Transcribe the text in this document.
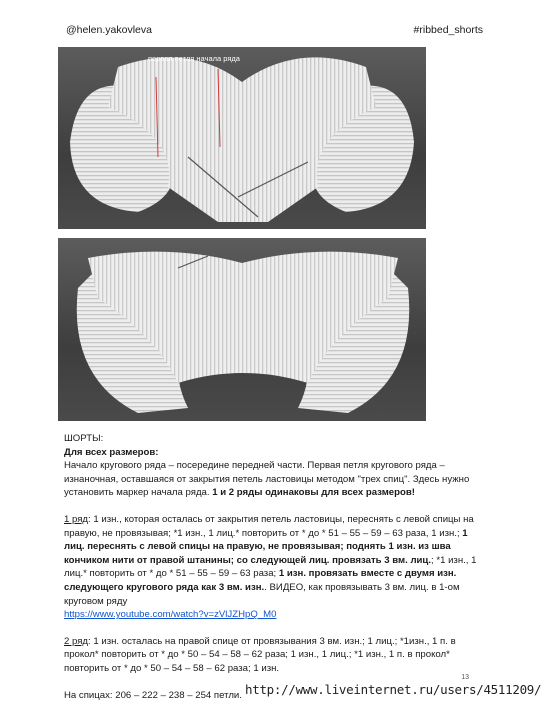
@helen.yakovleva	#ribbed_shorts
первая петля начала ряда

ШОРТЫ:

Для всех размеров:

Начало кругового ряда – посередине передней части. Первая петля кругового ряда – изнаночная, оставшаяся от закрытия петель ластовицы методом "трех спиц". Здесь нужно установить маркер начала ряда. 1 и 2 ряды одинаковы для всех размеров!

1 ряд: 1 изн., которая осталась от закрытия петель ластовицы, переснять с левой спицы на правую, не провязывая; *1 изн., 1 лиц.* повторить от * до * 51 – 55 – 59 – 63 раза, 1 изн.; 1 лиц. переснять с левой спицы на правую, не провязывая; поднять 1 изн. из шва кончиком нити от правой штанины; со следующей лиц. провязать 3 вм. лиц.; *1 изн., 1 лиц.* повторить от * до * 51 – 55 – 59 – 63 раза; 1 изн. провязать вместе с двумя изн. следующего кругового ряда как 3 вм. изн.. ВИДЕО, как провязывать 3 вм. лиц. в 1-ом круговом ряду
https://www.youtube.com/watch?v=zVlJZHpQ_M0

2 ряд: 1 изн. осталась на правой спице от провязывания 3 вм. изн.; 1 лиц.; *1изн., 1 п. в прокол* повторить от * до * 50 – 54 – 58 – 62 раза; 1 изн., 1 лиц.; *1 изн., 1 п. в прокол* повторить от * до * 50 – 54 – 58 – 62 раза; 1 изн.

На спицах: 206 – 222 – 238 – 254 петли.

13
http://www.liveinternet.ru/users/4511209/
